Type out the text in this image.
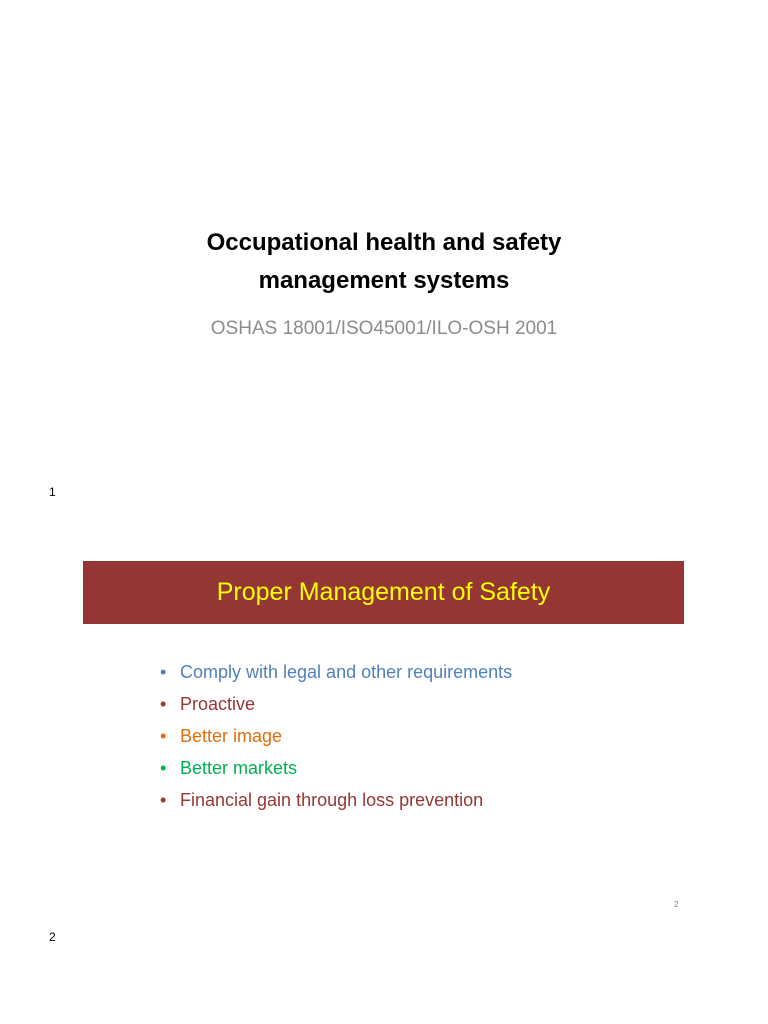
Occupational health and safety
management systems

OSHAS 18001/ISO45001/ILO-OSH 2001

1
Proper Management of Safety
• Comply with legal and other requirements
• Proactive
• Better image
• Better markets
• Financial gain through loss prevention
2
2
